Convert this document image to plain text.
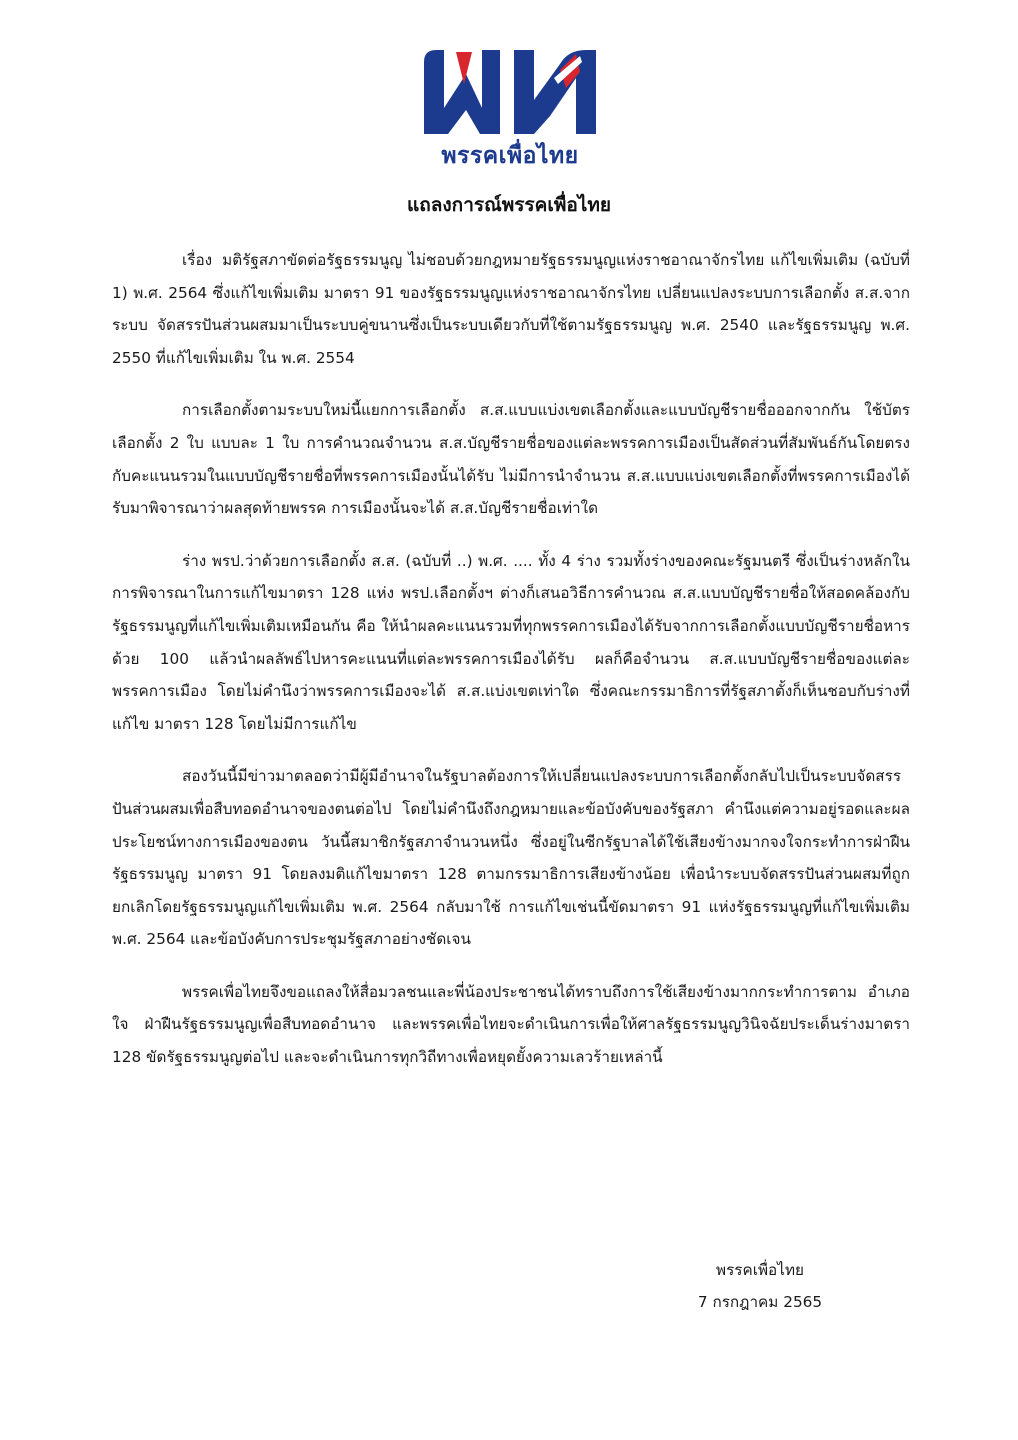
พรรคเพื่อไทย
แถลงการณ์พรรคเพื่อไทย

เรื่อง มติรัฐสภาขัดต่อรัฐธรรมนูญ ไม่ชอบด้วยกฎหมายรัฐธรรมนูญแห่งราชอาณาจักรไทย แก้ไขเพิ่มเติม (ฉบับที่ 1) พ.ศ. 2564 ซึ่งแก้ไขเพิ่มเติม มาตรา 91 ของรัฐธรรมนูญแห่งราชอาณาจักรไทย เปลี่ยนแปลงระบบการเลือกตั้ง ส.ส.จากระบบ จัดสรรปันส่วนผสมมาเป็นระบบคู่ขนานซึ่งเป็นระบบเดียวกับที่ใช้ตามรัฐธรรมนูญ พ.ศ. 2540 และรัฐธรรมนูญ พ.ศ. 2550 ที่แก้ไขเพิ่มเติม ใน พ.ศ. 2554

การเลือกตั้งตามระบบใหม่นี้แยกการเลือกตั้ง ส.ส.แบบแบ่งเขตเลือกตั้งและแบบบัญชีรายชื่อออกจากกัน ใช้บัตรเลือกตั้ง 2 ใบ แบบละ 1 ใบ การคำนวณจำนวน ส.ส.บัญชีรายชื่อของแต่ละพรรคการเมืองเป็นสัดส่วนที่สัมพันธ์กันโดยตรงกับคะแนนรวมในแบบบัญชีรายชื่อที่พรรคการเมืองนั้นได้รับ ไม่มีการนำจำนวน ส.ส.แบบแบ่งเขตเลือกตั้งที่พรรคการเมืองได้รับมาพิจารณาว่าผลสุดท้ายพรรค การเมืองนั้นจะได้ ส.ส.บัญชีรายชื่อเท่าใด

ร่าง พรป.ว่าด้วยการเลือกตั้ง ส.ส. (ฉบับที่ ..) พ.ศ. .... ทั้ง 4 ร่าง รวมทั้งร่างของคณะรัฐมนตรี ซึ่งเป็นร่างหลักในการพิจารณาในการแก้ไขมาตรา 128 แห่ง พรป.เลือกตั้งฯ ต่างก็เสนอวิธีการคำนวณ ส.ส.แบบบัญชีรายชื่อให้สอดคล้องกับรัฐธรรมนูญที่แก้ไขเพิ่มเติมเหมือนกัน คือ ให้นำผลคะแนนรวมที่ทุกพรรคการเมืองได้รับจากการเลือกตั้งแบบบัญชีรายชื่อหารด้วย 100 แล้วนำผลลัพธ์ไปหารคะแนนที่แต่ละพรรคการเมืองได้รับ ผลก็คือจำนวน ส.ส.แบบบัญชีรายชื่อของแต่ละพรรคการเมือง โดยไม่คำนึงว่าพรรคการเมืองจะได้ ส.ส.แบ่งเขตเท่าใด ซึ่งคณะกรรมาธิการที่รัฐสภาตั้งก็เห็นชอบกับร่างที่แก้ไข มาตรา 128 โดยไม่มีการแก้ไข

สองวันนี้มีข่าวมาตลอดว่ามีผู้มีอำนาจในรัฐบาลต้องการให้เปลี่ยนแปลงระบบการเลือกตั้งกลับไปเป็นระบบจัดสรรปันส่วนผสมเพื่อสืบทอดอำนาจของตนต่อไป โดยไม่คำนึงถึงกฎหมายและข้อบังคับของรัฐสภา คำนึงแต่ความอยู่รอดและผลประโยชน์ทางการเมืองของตน วันนี้สมาชิกรัฐสภาจำนวนหนึ่ง ซึ่งอยู่ในซีกรัฐบาลได้ใช้เสียงข้างมากจงใจกระทำการฝ่าฝืนรัฐธรรมนูญ มาตรา 91 โดยลงมติแก้ไขมาตรา 128 ตามกรรมาธิการเสียงข้างน้อย เพื่อนำระบบจัดสรรปันส่วนผสมที่ถูกยกเลิกโดยรัฐธรรมนูญแก้ไขเพิ่มเติม พ.ศ. 2564 กลับมาใช้ การแก้ไขเช่นนี้ขัดมาตรา 91 แห่งรัฐธรรมนูญที่แก้ไขเพิ่มเติมพ.ศ. 2564 และข้อบังคับการประชุมรัฐสภาอย่างชัดเจน

พรรคเพื่อไทยจึงขอแถลงให้สื่อมวลชนและพี่น้องประชาชนได้ทราบถึงการใช้เสียงข้างมากกระทำการตาม อำเภอใจ ฝ่าฝืนรัฐธรรมนูญเพื่อสืบทอดอำนาจ และพรรคเพื่อไทยจะดำเนินการเพื่อให้ศาลรัฐธรรมนูญวินิจฉัยประเด็นร่างมาตรา 128 ขัดรัฐธรรมนูญต่อไป และจะดำเนินการทุกวิถีทางเพื่อหยุดยั้งความเลวร้ายเหล่านี้

พรรคเพื่อไทย
7 กรกฎาคม 2565
